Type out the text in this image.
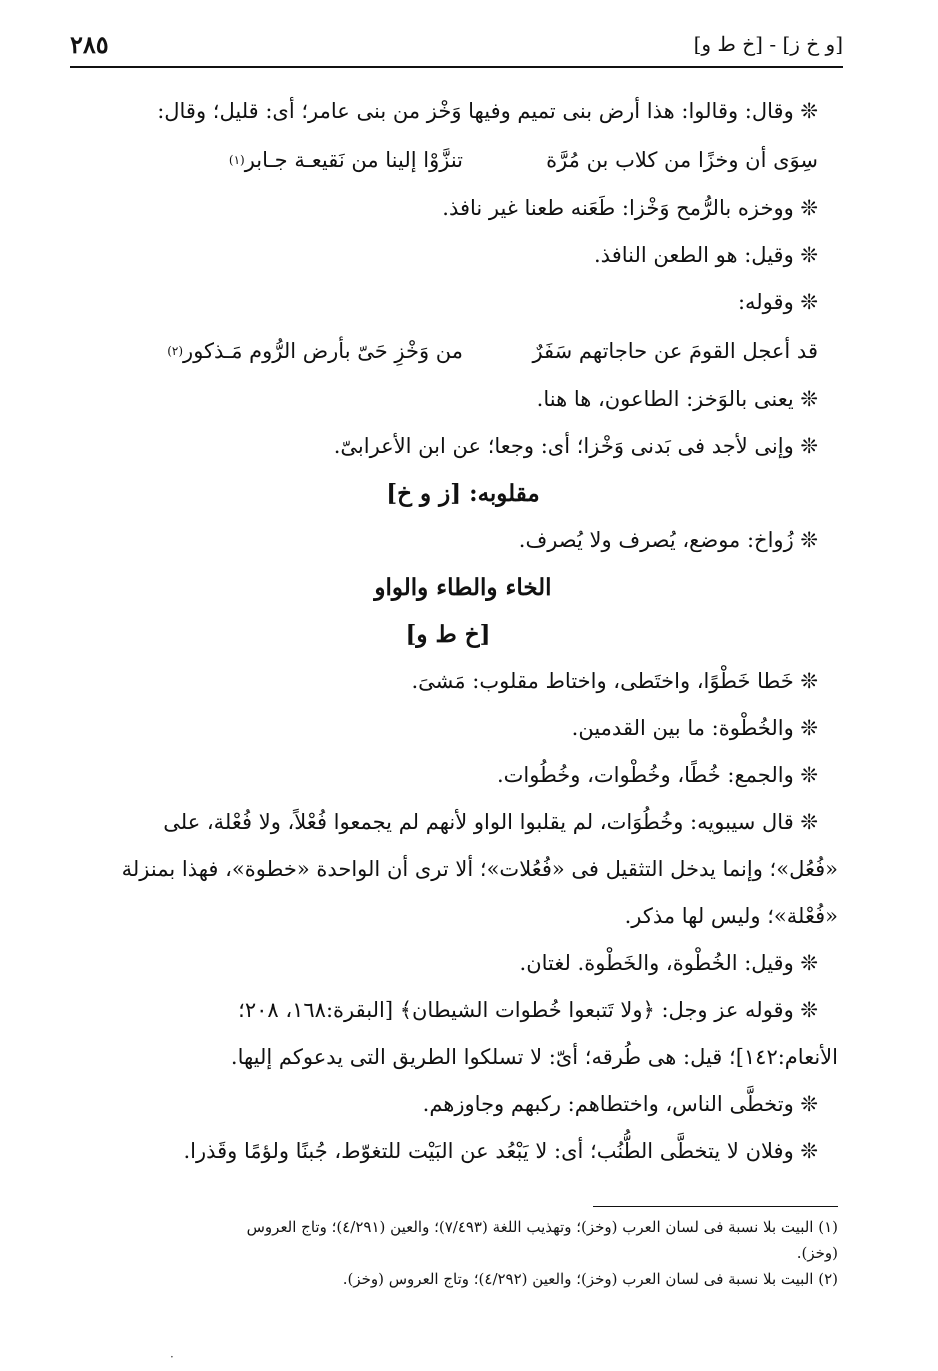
[و خ ز] - [خ ط و]
٢٨٥
❊ وقال: وقالوا: هذا أرض بنى تميم وفيها وَخْز من بنى عامر؛ أى: قليل؛ وقال:
سِوَى أن وخزًا من كلاب بن مُرَّة
تنزَّوْا إلينا من نَقيعـة جـابر$^{(١)}$
❊ ووخزه بالرُّمح وَخْزا: طَعَنه طعنا غير نافذ.
❊ وقيل: هو الطعن النافذ.
❊ وقوله:
قد أعجل القومَ عن حاجاتهم سَفَرٌ
من وَخْزِ حَىّ بأرض الرُّوم مَـذكور$^{(٢)}$
❊ يعنى بالوَخز: الطاعون، ها هنا.
❊ وإنى لأجد فى بَدنى وَخْزا؛ أى: وجعا؛ عن ابن الأعرابىّ.
مقلوبه: [ز و خ]
❊ زُواخ: موضع، يُصرف ولا يُصرف.
الخاء والطاء والواو
[خ ط و]
❊ خَطا خَطْوًا، واختَطى، واختاط مقلوب: مَشىَ.
❊ والخُطْوة: ما بين القدمين.
❊ والجمع: خُطًا، وخُطْوات، وخُطُوات.
❊ قال سيبويه: وخُطُوَات، لم يقلبوا الواو لأنهم لم يجمعوا فُعْلاً، ولا فُعْلة، على
«فُعُل»؛ وإنما يدخل التثقيل فى «فُعُلات»؛ ألا ترى أن الواحدة «خطوة»، فهذا بمنزلة
«فُعْلة»؛ وليس لها مذكر.
❊ وقيل: الخُطْوة، والخَطْوة. لغتان.
❊ وقوله عز وجل: ﴿ولا تَتبعوا خُطوات الشيطان﴾ [البقرة:١٦٨، ٢٠٨؛
الأنعام:١٤٢]؛ قيل: هى طُرقه؛ أىّ: لا تسلكوا الطريق التى يدعوكم إليها.
❊ وتخطَّى الناس، واختطاهم: ركبهم وجاوزهم.
❊ وفلان لا يتخطَّى الطُّنُب؛ أى: لا يَبْعُد عن البَيْت للتغوّط، جُبنًا ولؤمًا وقَذرا.
(١) البيت بلا نسبة فى لسان العرب (وخز)؛ وتهذيب اللغة (٧/٤٩٣)؛ والعين (٤/٢٩١)؛ وتاج العروس
(وخز).
(٢) البيت بلا نسبة فى لسان العرب (وخز)؛ والعين (٤/٢٩٢)؛ وتاج العروس (وخز).
·
